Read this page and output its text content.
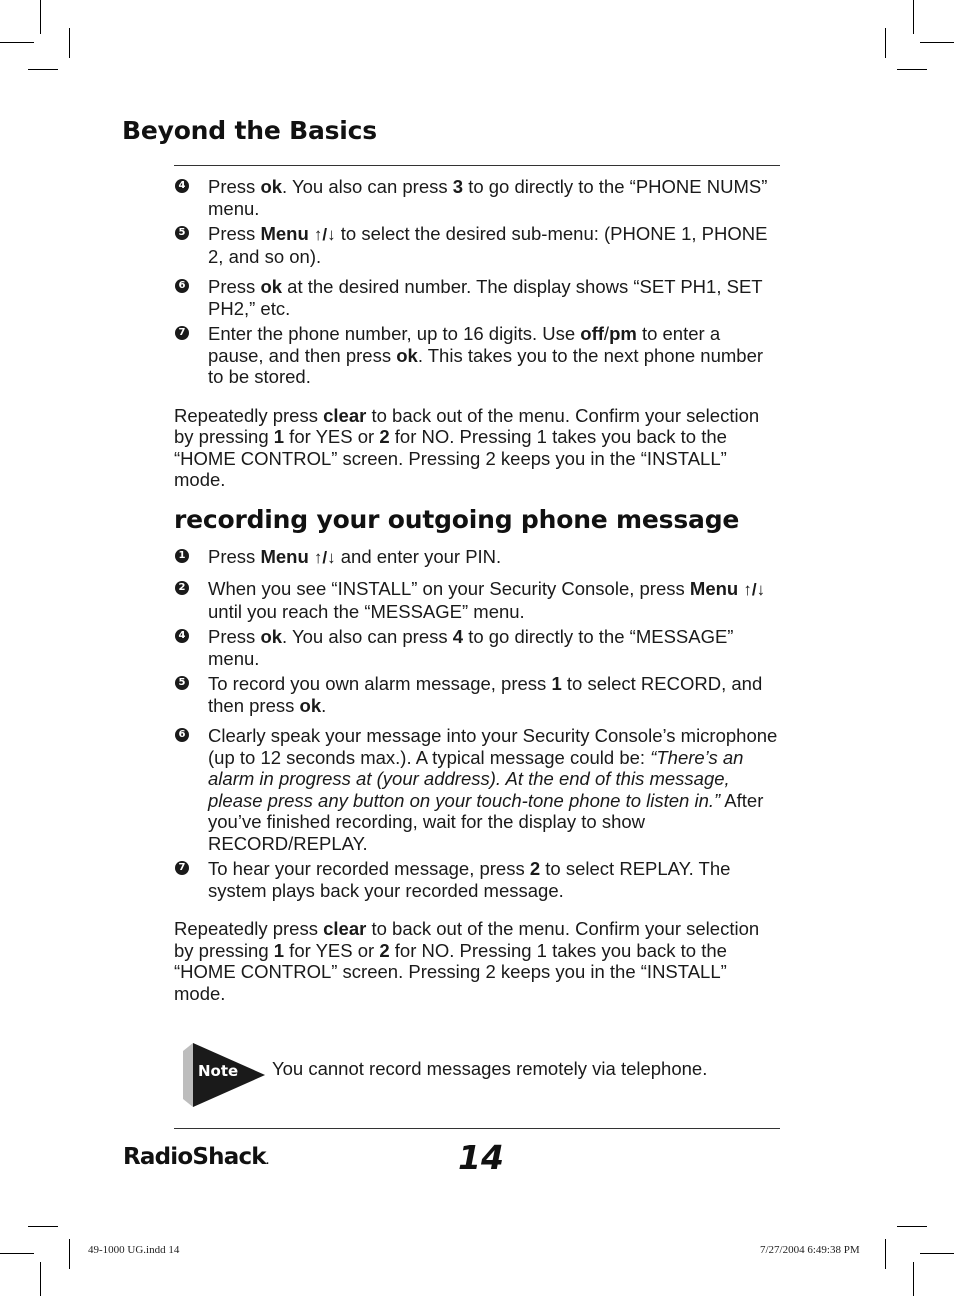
Beyond the Basics
4 Press ok. You also can press 3 to go directly to the “PHONE NUMS” menu.
5 Press Menu ↑/↓ to select the desired sub-menu: (PHONE 1, PHONE 2, and so on).
6 Press ok at the desired number. The display shows “SET PH1, SET PH2,” etc.
7 Enter the phone number, up to 16 digits. Use off/pm to enter a pause, and then press ok. This takes you to the next phone number to be stored.

Repeatedly press clear to back out of the menu. Confirm your selection by pressing 1 for YES or 2 for NO. Pressing 1 takes you back to the “HOME CONTROL” screen. Pressing 2 keeps you in the “INSTALL” mode.

recording your outgoing phone message
1 Press Menu ↑/↓ and enter your PIN.
2 When you see “INSTALL” on your Security Console, press Menu ↑/↓ until you reach the “MESSAGE” menu.
4 Press ok. You also can press 4 to go directly to the “MESSAGE” menu.
5 To record you own alarm message, press 1 to select RECORD, and then press ok.
6 Clearly speak your message into your Security Console’s microphone (up to 12 seconds max.). A typical message could be: “There’s an alarm in progress at (your address). At the end of this message, please press any button on your touch-tone phone to listen in.” After you’ve finished recording, wait for the display to show RECORD/REPLAY.
7 To hear your recorded message, press 2 to select REPLAY. The system plays back your recorded message.

Repeatedly press clear to back out of the menu. Confirm your selection by pressing 1 for YES or 2 for NO. Pressing 1 takes you back to the “HOME CONTROL” screen. Pressing 2 keeps you in the “INSTALL” mode.

Note You cannot record messages remotely via telephone.
RadioShack.	14
49-1000 UG.indd 14	7/27/2004 6:49:38 PM
